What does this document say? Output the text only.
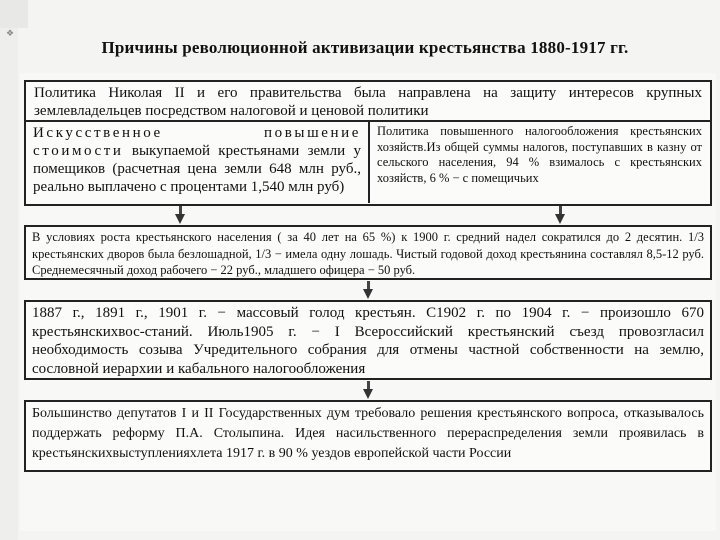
❖
Причины революционной активизации крестьянства 1880-1917 гг.
Политика Николая II и его правительства была направлена на защиту интересов крупных землевладельцев посредством налоговой и ценовой политики
Искусственное повышение стоимости выкупаемой крестьянами земли у помещиков (расчетная цена земли 648 млн руб., реально выплачено с процентами 1,540 млн руб)
Политика повышенного налогообложения крестьянских хозяйств.Из общей суммы налогов, поступавших в казну от сельского населения, 94 % взималось с крестьянских хозяйств, 6 % − с помещичьих
В условиях роста крестьянского населения ( за 40 лет на 65 %) к 1900 г. средний надел сократился до 2 десятин. 1/3 крестьянских дворов была безлошадной, 1/3 − имела одну лошадь. Чистый годовой доход крестьянина составлял 8,5-12 руб. Среднемесячный доход рабочего − 22 руб., младшего офицера − 50 руб.
1887 г., 1891 г., 1901 г. − массовый голод крестьян. С1902 г. по 1904 г. − произошло 670 крестьянскихвос-станий. Июль1905 г. − I Всероссийский крестьянский съезд провозгласил необходимость созыва Учредительного собрания для отмены частной собственности на землю, сословной иерархии и кабального налогообложения
Большинство депутатов I и II Государственных дум требовало решения крестьянского вопроса, отказывалось поддержать реформу П.А. Столыпина. Идея насильственного перераспределения земли проявилась в крестьянскихвыступленияхлета 1917 г. в 90 % уездов европейской части России
